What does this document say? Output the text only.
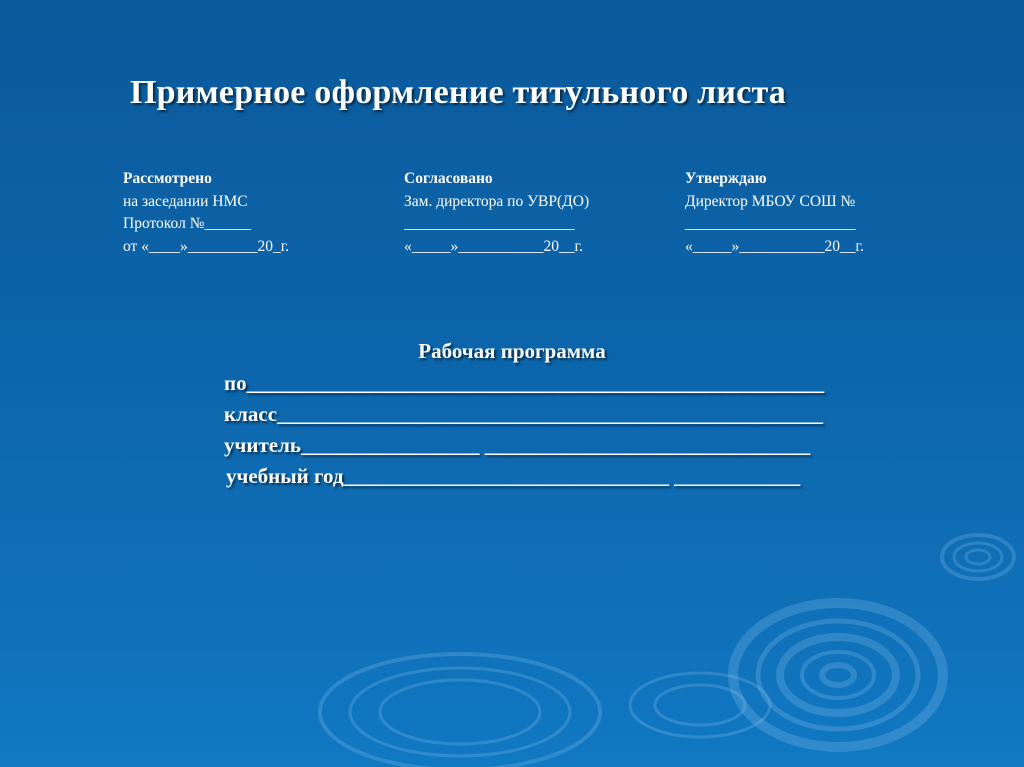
Примерное оформление титульного листа
Рассмотрено
на заседании НМС
Протокол №______
от «____»_________20_г.
Согласовано
Зам. директора по УВР(ДО)
______________________
«_____»___________20__г.
Утверждаю
Директор МБОУ СОШ №
______________________
«_____»___________20__г.
Рабочая программа
по_______________________________________________________
класс____________________________________________________
учитель_________________ _______________________________
учебный год_______________________________ ____________
